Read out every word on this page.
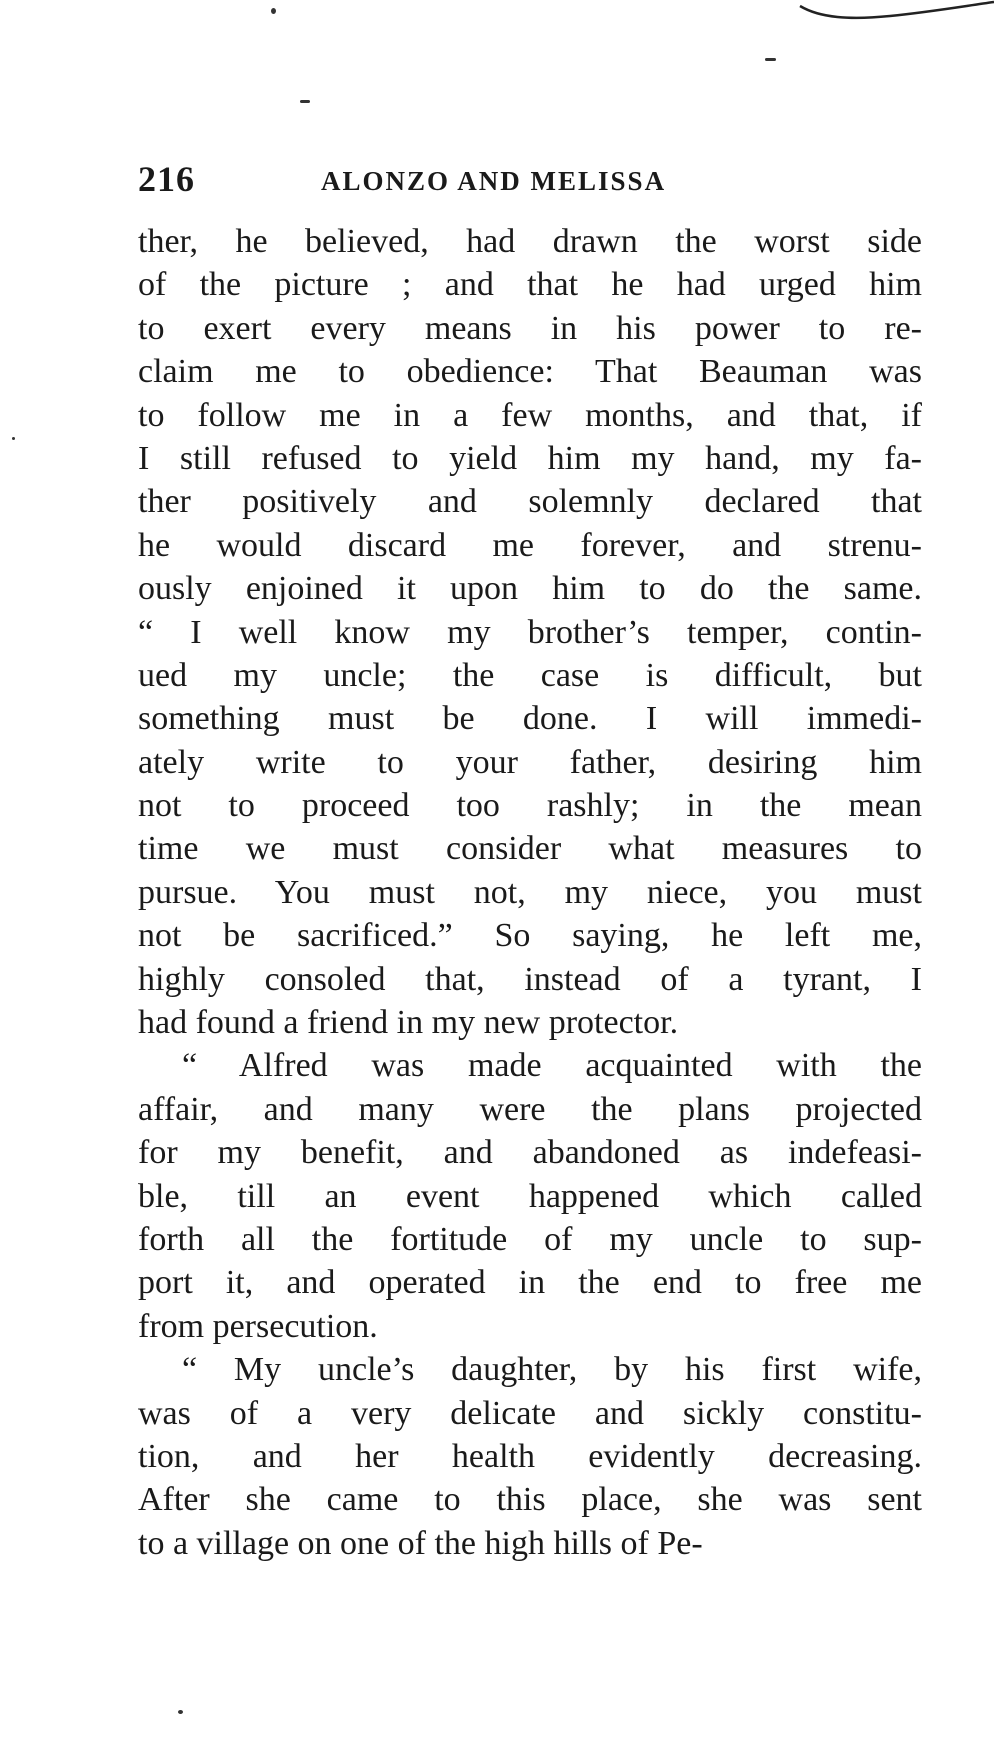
216	ALONZO AND MELISSA
ther, he believed, had drawn the worst side
of the picture ; and that he had urged him
to exert every means in his power to re-
claim me to obedience: That Beauman was
to follow me in a few months, and that, if
I still refused to yield him my hand, my fa-
ther positively and solemnly declared that
he would discard me forever, and strenu-
ously enjoined it upon him to do the same.
“ I well know my brother’s temper, contin-
ued my uncle; the case is difficult, but
something must be done. I will immedi-
ately write to your father, desiring him
not to proceed too rashly; in the mean
time we must consider what measures to
pursue. You must not, my niece, you must
not be sacrificed.” So saying, he left me,
highly consoled that, instead of a tyrant, I
had found a friend in my new protector.
“ Alfred was made acquainted with the
affair, and many were the plans projected
for my benefit, and abandoned as indefeasi-
ble, till an event happened which called
forth all the fortitude of my uncle to sup-
port it, and operated in the end to free me
from persecution.
“ My uncle’s daughter, by his first wife,
was of a very delicate and sickly constitu-
tion, and her health evidently decreasing.
After she came to this place, she was sent
to a village on one of the high hills of Pe-
